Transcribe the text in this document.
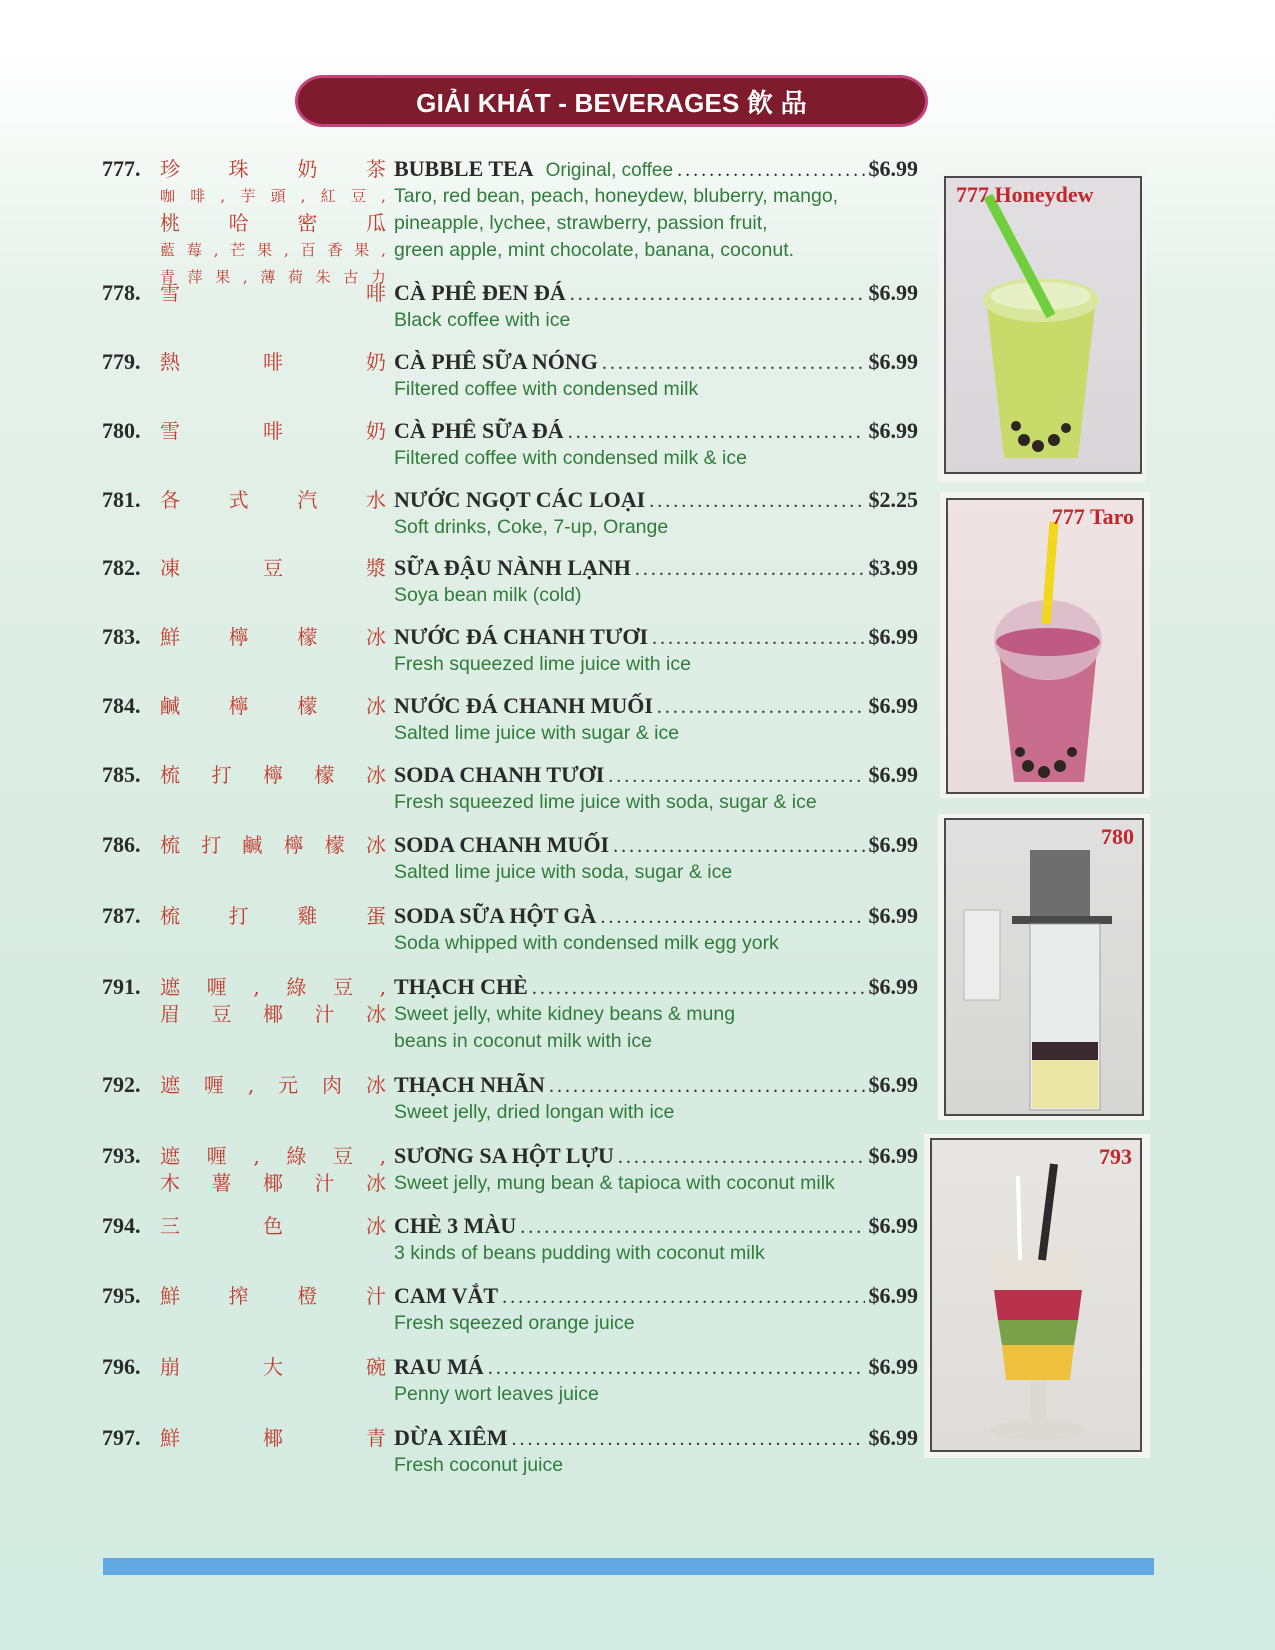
GIẢI KHÁT - BEVERAGES 飲 品
777. 珍 珠 奶 茶
咖 啡 , 芋 頭 , 紅 豆 ,
桃 哈 密 瓜
藍 莓 , 芒 果 , 百 香 果 ,
青 萍 果 , 薄 荷 朱 古 力
BUBBLE TEA Original, coffee . . .	$6.99
Taro, red bean, peach, honeydew, bluberry, mango,
pineapple, lychee, strawberry, passion fruit,
green apple, mint chocolate, banana, coconut.
778. 雪	啡 CÀ PHÊ ĐEN ĐÁ . . .	$6.99
Black coffee with ice
779. 熱	啡	奶 CÀ PHÊ SỮA NÓNG . . .	$6.99
Filtered coffee with condensed milk
780. 雪	啡	奶 CÀ PHÊ SỮA ĐÁ . . .	$6.99
Filtered coffee with condensed milk & ice
781. 各 式 汽 水 NƯỚC NGỌT CÁC LOẠI . . .	$2.25
Soft drinks, Coke, 7-up, Orange
782. 凍	豆	漿 SỮA ĐẬU NÀNH LẠNH . . .	$3.99
Soya bean milk (cold)
783. 鮮 檸 檬 冰 NƯỚC ĐÁ CHANH TƯƠI . . .	$6.99
Fresh squeezed lime juice with ice
784. 鹹 檸 檬 冰 NƯỚC ĐÁ CHANH MUỐI . . .	$6.99
Salted lime juice with sugar & ice
785. 梳 打 檸 檬 冰 SODA CHANH TƯƠI . . .	$6.99
Fresh squeezed lime juice with soda, sugar & ice
786. 梳 打 鹹 檸 檬 冰 SODA CHANH MUỐI . . .	$6.99
Salted lime juice with soda, sugar & ice
787. 梳 打 雞 蛋 SODA SỮA HỘT GÀ . . .	$6.99
Soda whipped with condensed milk egg york
791. 遮 喱 , 綠 豆 ,
眉 豆 椰 汁 冰
THẠCH CHÈ . . .	$6.99
Sweet jelly, white kidney beans & mung
beans in coconut milk with ice
792. 遮 喱 , 元 肉 冰 THẠCH NHÃN . . .	$6.99
Sweet jelly, dried longan with ice
793. 遮 喱 , 綠 豆 ,
木 薯 椰 汁 冰
SƯƠNG SA HỘT LỰU . . .	$6.99
Sweet jelly, mung bean & tapioca with coconut milk
794. 三	色	冰 CHÈ 3 MÀU . . .	$6.99
3 kinds of beans pudding with coconut milk
795. 鮮 搾 橙 汁 CAM VẮT . . .	$6.99
Fresh sqeezed orange juice
796. 崩	大	碗 RAU MÁ . . .	$6.99
Penny wort leaves juice
797. 鮮	椰	青 DỪA XIÊM . . .	$6.99
Fresh coconut juice
777 Honeydew
777 Taro
780
793
